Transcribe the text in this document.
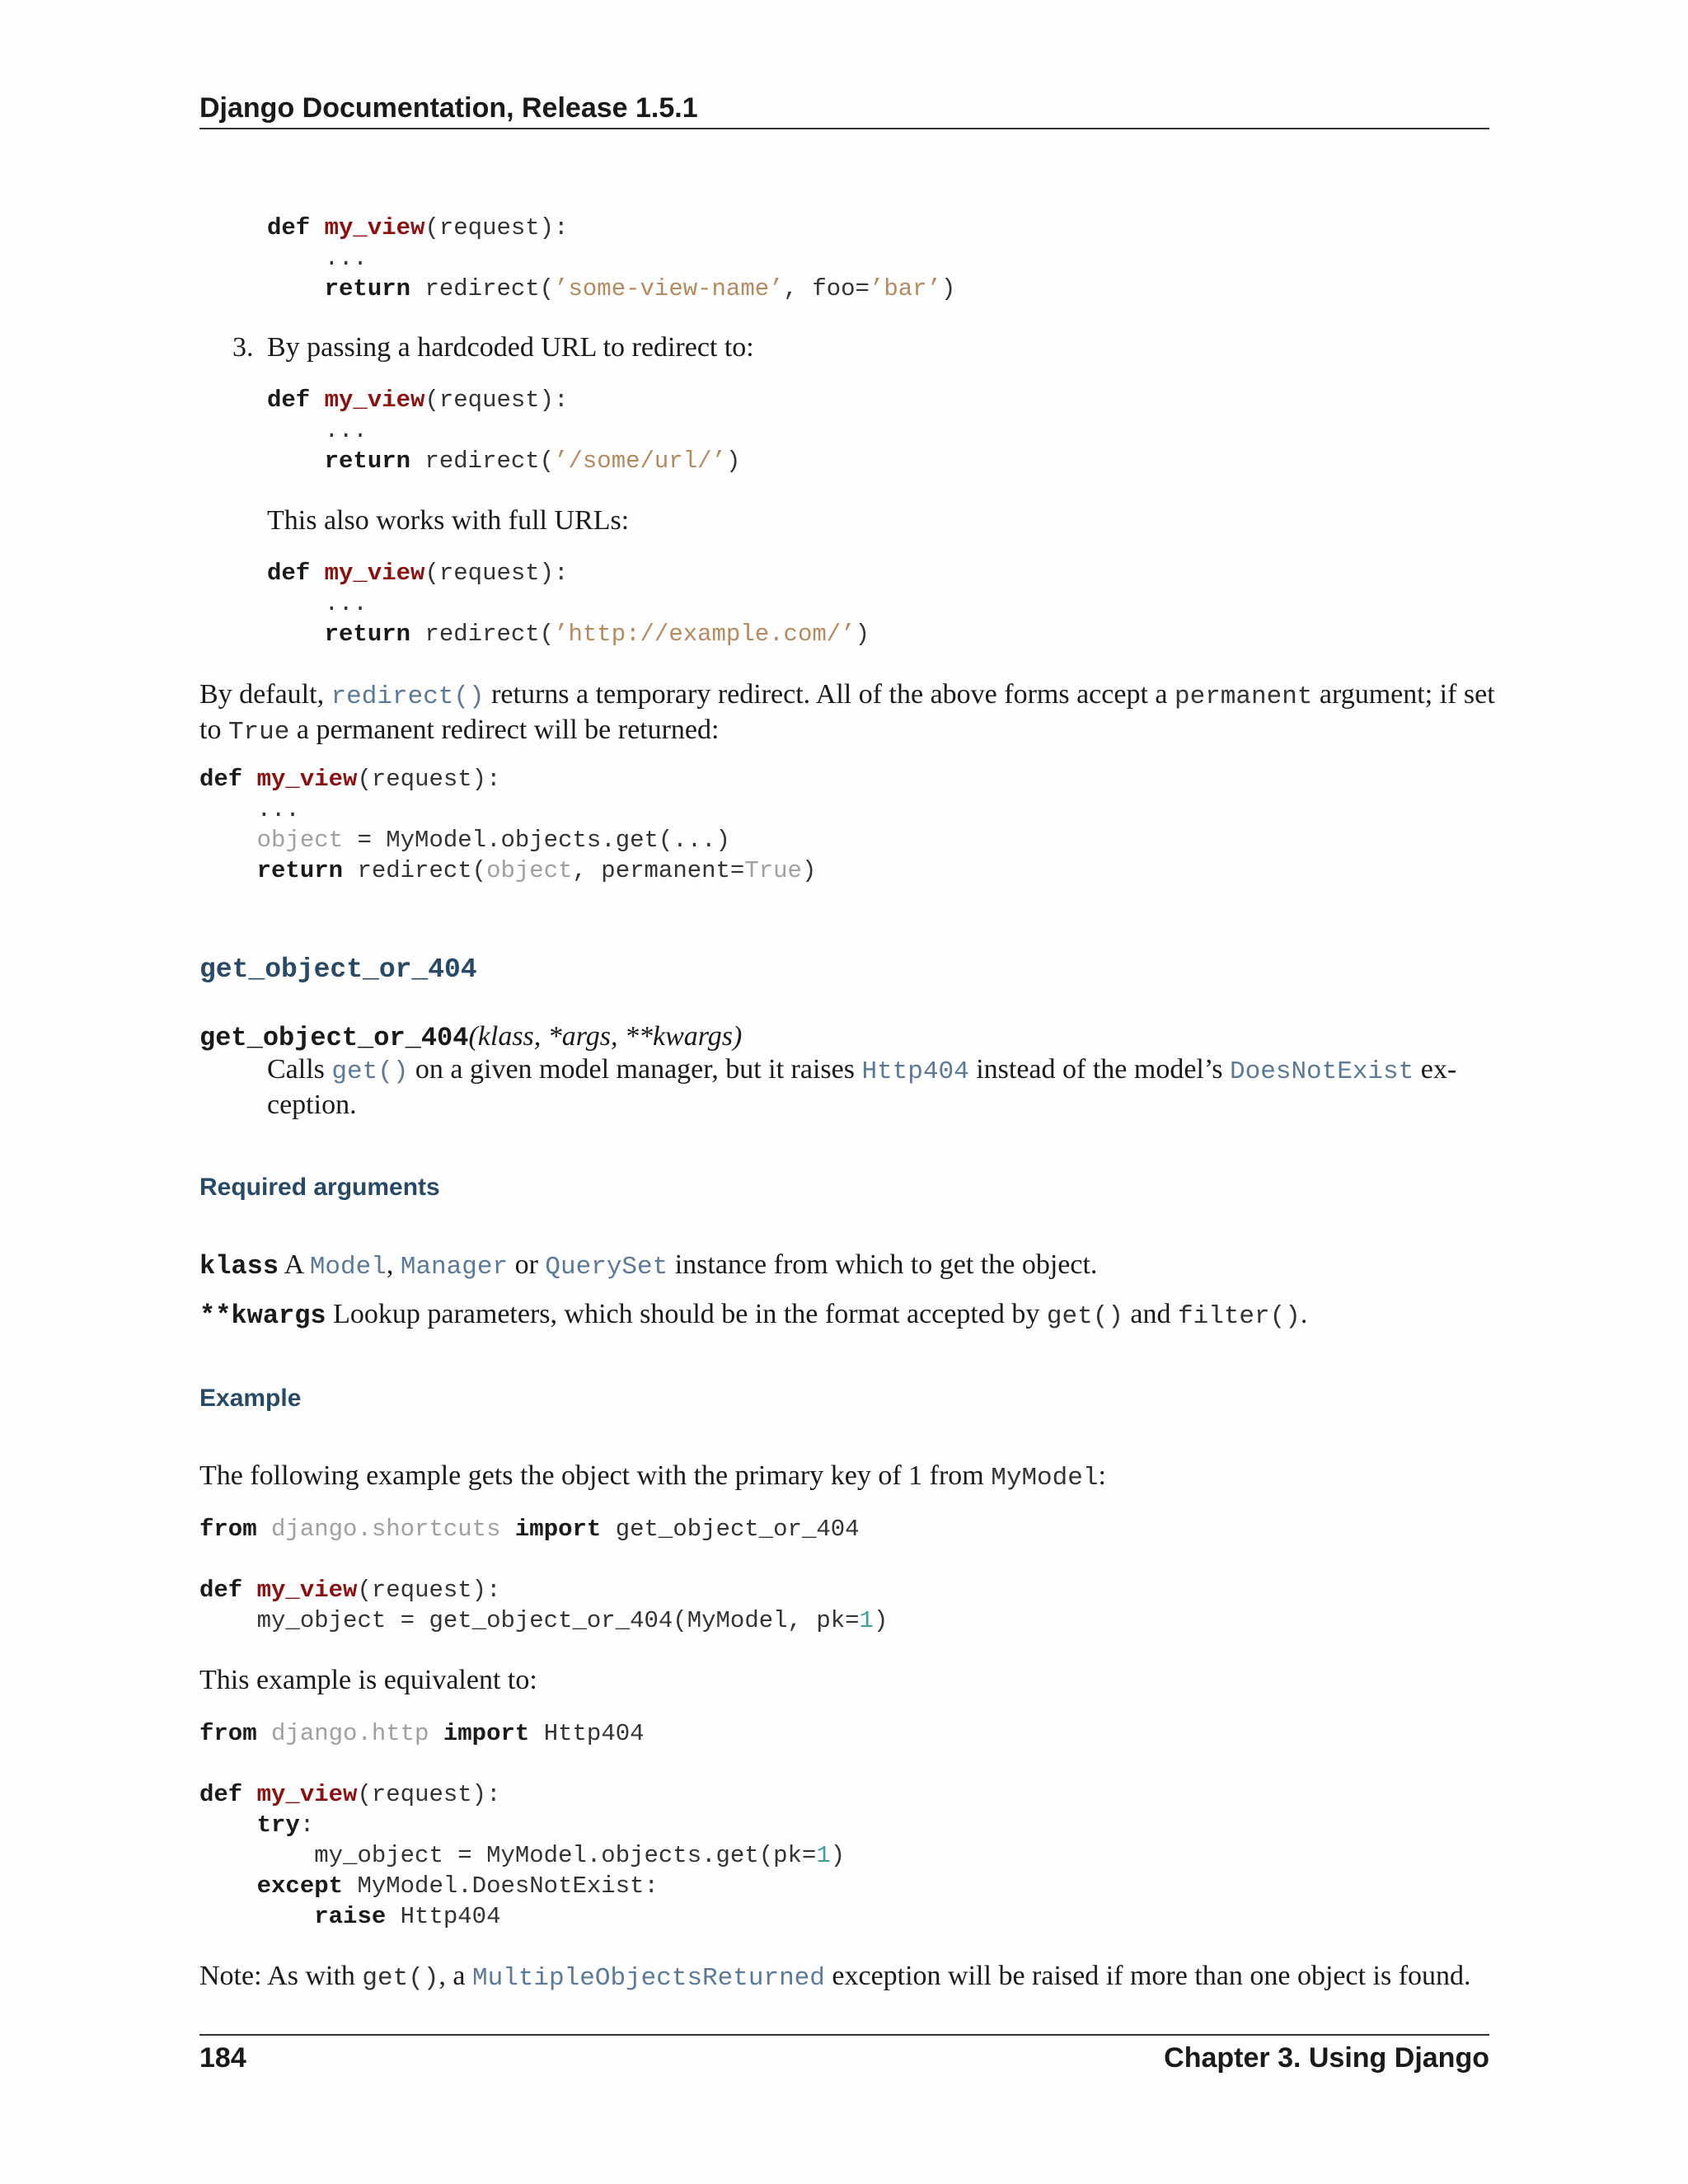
Django Documentation, Release 1.5.1
def my_view(request):
...
return redirect(’some-view-name’, foo=’bar’)
3. By passing a hardcoded URL to redirect to:
def my_view(request):
...
return redirect(’/some/url/’)
This also works with full URLs:
def my_view(request):
...
return redirect(’http://example.com/’)
By default, redirect() returns a temporary redirect. All of the above forms accept a permanent argument; if set
to True a permanent redirect will be returned:
def my_view(request):
...
object = MyModel.objects.get(...)
return redirect(object, permanent=True)
get_object_or_404
get_object_or_404(klass, *args, **kwargs)
Calls get() on a given model manager, but it raises Http404 instead of the model’s DoesNotExist ex-
ception.
Required arguments
klass A Model, Manager or QuerySet instance from which to get the object.
**kwargs Lookup parameters, which should be in the format accepted by get() and filter().
Example
The following example gets the object with the primary key of 1 from MyModel:
from django.shortcuts import get_object_or_404

def my_view(request):
my_object = get_object_or_404(MyModel, pk=1)
This example is equivalent to:
from django.http import Http404

def my_view(request):
try:
my_object = MyModel.objects.get(pk=1)
except MyModel.DoesNotExist:
raise Http404
Note: As with get(), a MultipleObjectsReturned exception will be raised if more than one object is found.
184	Chapter 3. Using Django
